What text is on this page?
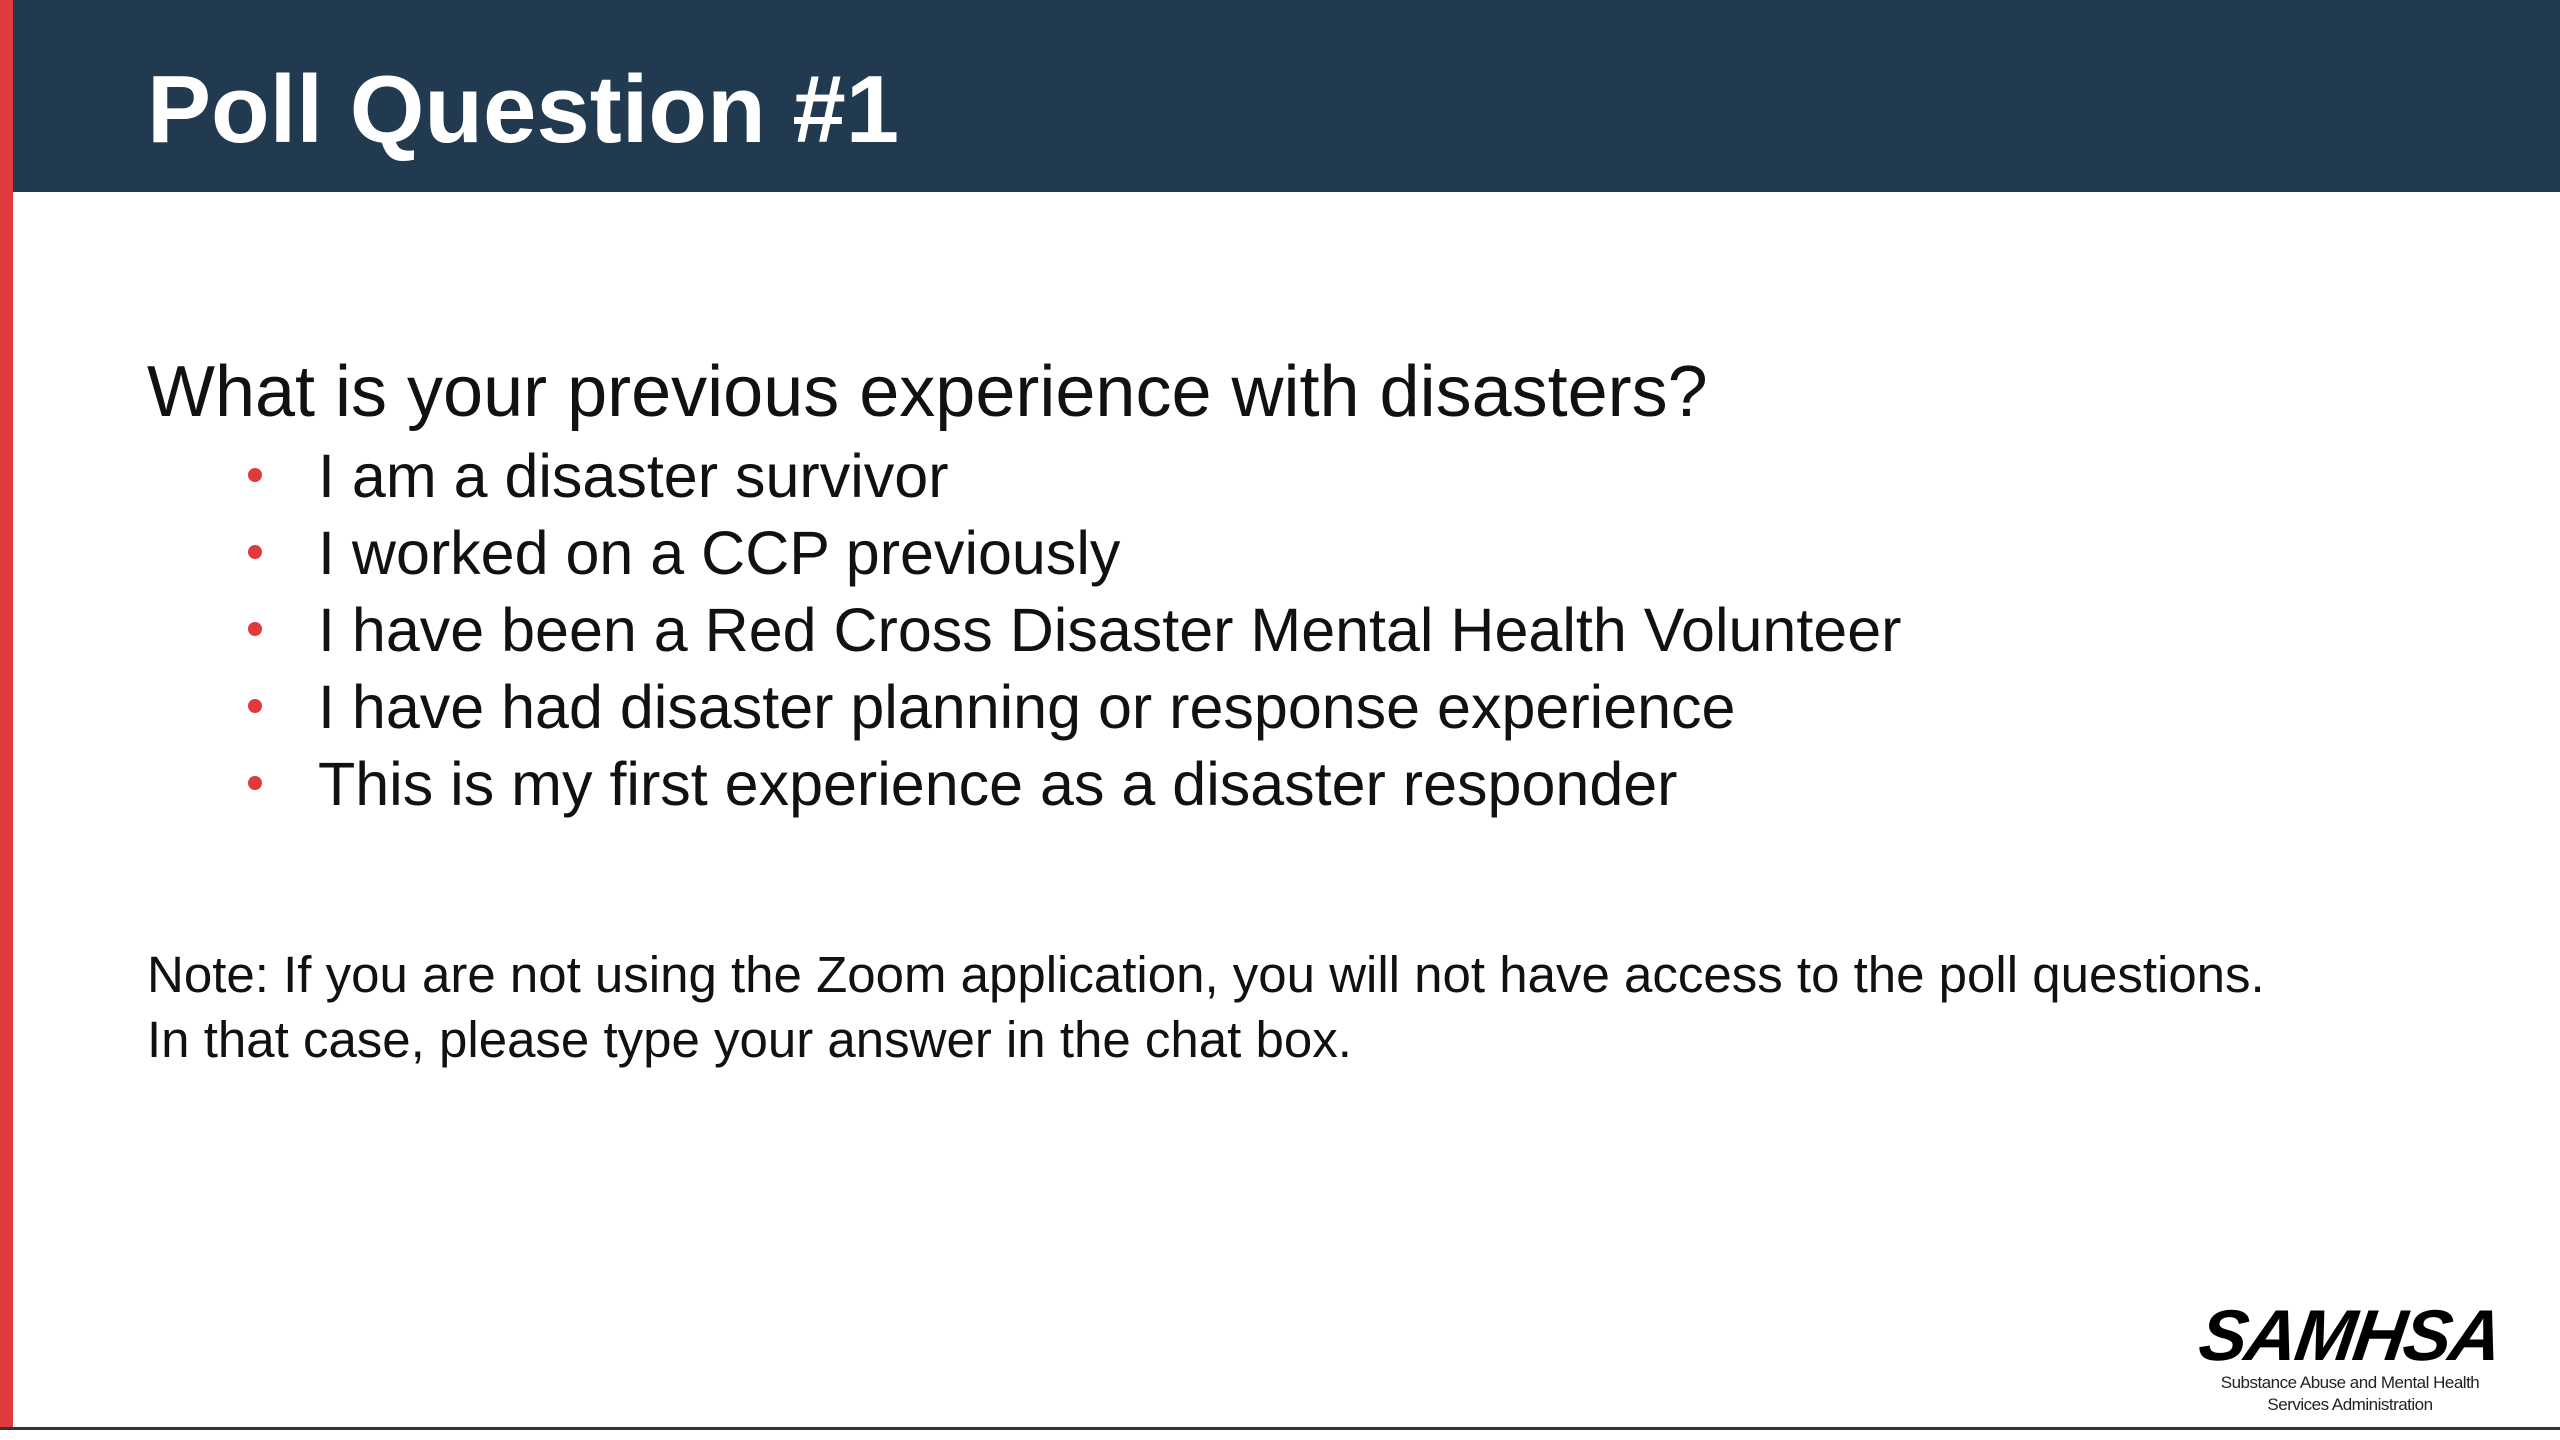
Poll Question #1
What is your previous experience with disasters?
I am a disaster survivor
I worked on a CCP previously
I have been a Red Cross Disaster Mental Health Volunteer
I have had disaster planning or response experience
This is my first experience as a disaster responder
Note: If you are not using the Zoom application, you will not have access to the poll questions.
In that case, please type your answer in the chat box.
SAMHSA
Substance Abuse and Mental Health
Services Administration
